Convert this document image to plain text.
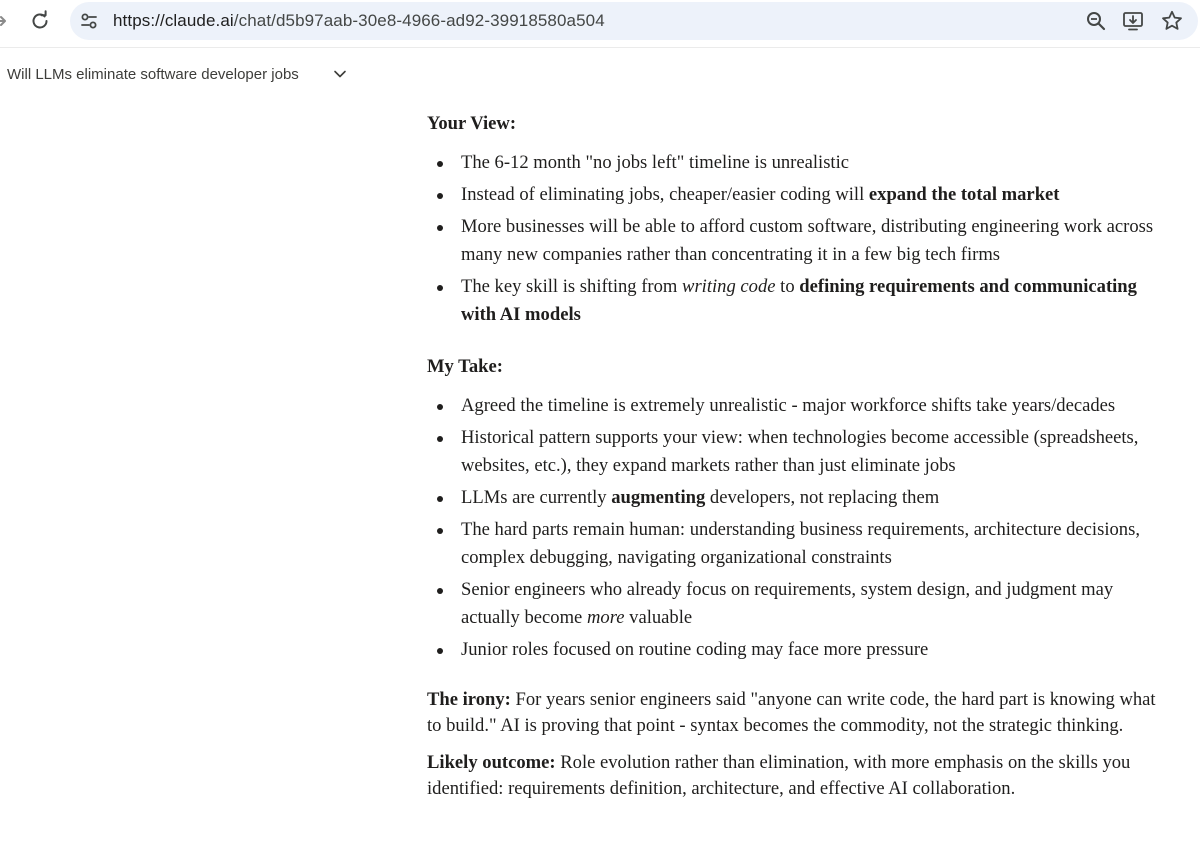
https://claude.ai/chat/d5b97aab-30e8-4966-ad92-39918580a504
Will LLMs eliminate software developer jobs
Your View:
The 6-12 month "no jobs left" timeline is unrealistic
Instead of eliminating jobs, cheaper/easier coding will expand the total market
More businesses will be able to afford custom software, distributing engineering work across many new companies rather than concentrating it in a few big tech firms
The key skill is shifting from writing code to defining requirements and communicating with AI models
My Take:
Agreed the timeline is extremely unrealistic - major workforce shifts take years/decades
Historical pattern supports your view: when technologies become accessible (spreadsheets, websites, etc.), they expand markets rather than just eliminate jobs
LLMs are currently augmenting developers, not replacing them
The hard parts remain human: understanding business requirements, architecture decisions, complex debugging, navigating organizational constraints
Senior engineers who already focus on requirements, system design, and judgment may actually become more valuable
Junior roles focused on routine coding may face more pressure

The irony: For years senior engineers said "anyone can write code, the hard part is knowing what to build." AI is proving that point - syntax becomes the commodity, not the strategic thinking.

Likely outcome: Role evolution rather than elimination, with more emphasis on the skills you identified: requirements definition, architecture, and effective AI collaboration.
